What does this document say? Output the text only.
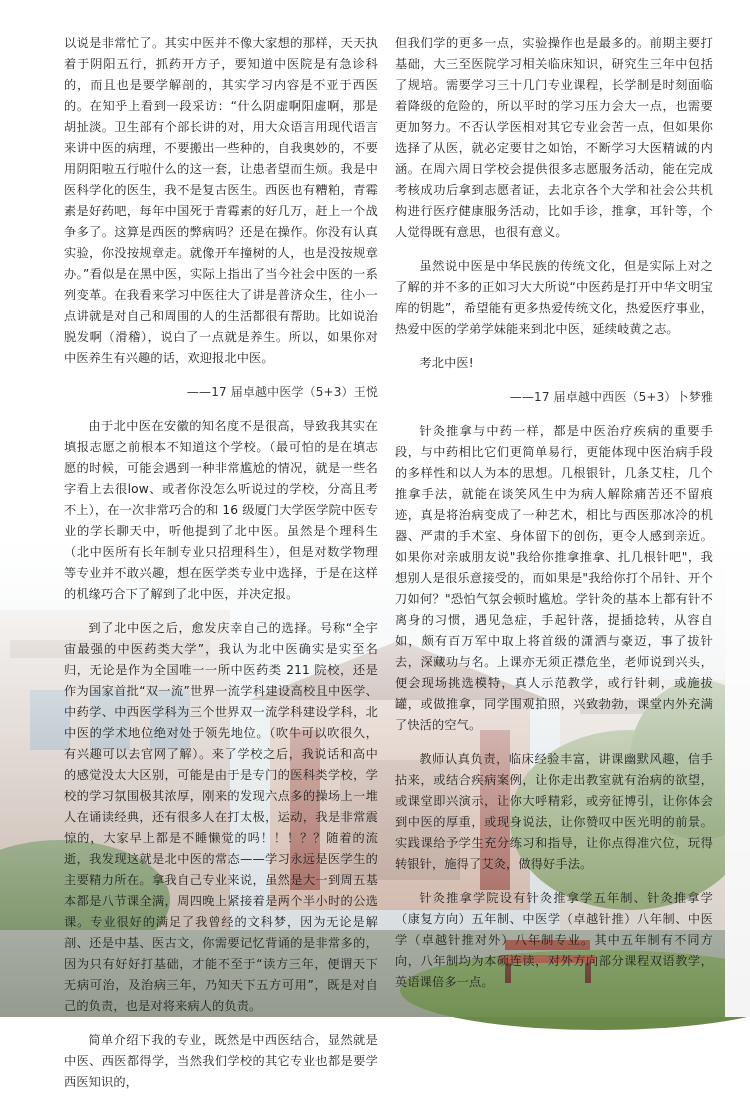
以说是非常忙了。其实中医并不像大家想的那样，天天执着于阴阳五行，抓药开方子，要知道中医院是有急诊科的，而且也是要学解剖的，其实学习内容是不亚于西医的。在知乎上看到一段采访：“什么阴虚啊阳虚啊，那是胡扯淡。卫生部有个部长讲的对，用大众语言用现代语言来讲中医的病理，不要搬出一些种的，自我奥妙的，不要用阴阳啦五行啦什么的这一套，让患者望而生烦。我是中医科学化的医生，我不是复古医生。西医也有糟粕，青霉素是好药吧，每年中国死于青霉素的好几万，赶上一个战争多了。这算是西医的弊病吗？还是在操作。你没有认真实验，你没按规章走。就像开车撞树的人，也是没按规章办。”看似是在黑中医，实际上指出了当今社会中医的一系列变革。在我看来学习中医往大了讲是普济众生，往小一点讲就是对自己和周围的人的生活都很有帮助。比如说治脱发啊（滑稽），说白了一点就是养生。所以，如果你对中医养生有兴趣的话，欢迎报北中医。

——17 届卓越中医学（5+3）王悦

由于北中医在安徽的知名度不是很高，导致我其实在填报志愿之前根本不知道这个学校。（最可怕的是在填志愿的时候，可能会遇到一种非常尴尬的情况，就是一些名字看上去很low、或者你没怎么听说过的学校，分高且考不上），在一次非常巧合的和 16 级厦门大学医学院中医专业的学长聊天中，听他提到了北中医。虽然是个理科生（北中医所有长年制专业只招理科生），但是对数学物理等专业并不敢兴趣，想在医学类专业中选择，于是在这样的机缘巧合下了解到了北中医，并决定报。

到了北中医之后，愈发庆幸自己的选择。号称“全宇宙最强的中医药类大学”，我认为北中医确实是实至名归，无论是作为全国唯一一所中医药类 211 院校，还是作为国家首批“双一流”世界一流学科建设高校且中医学、中药学、中西医学科为三个世界双一流学科建设学科，北中医的学术地位绝对处于领先地位。（吹牛可以吹很久，有兴趣可以去官网了解）。来了学校之后，我说话和高中的感觉没太大区别，可能是由于是专门的医科类学校，学校的学习氛围极其浓厚，刚来的发现六点多的操场上一堆人在诵读经典，还有很多人在打太极，运动，我是非常震惊的，大家早上都是不睡懒觉的吗！！！？？随着的流逝，我发现这就是北中医的常态——学习永远是医学生的主要精力所在。拿我自己专业来说，虽然是大一到周五基本都是八节课全满，周四晚上紧接着是两个半小时的公选课。专业很好的满足了我曾经的文科梦，因为无论是解剖、还是中基、医古文，你需要记忆背诵的是非常多的，因为只有好好打基础，才能不至于“读方三年，便谓天下无病可治，及治病三年，乃知天下五方可用”，既是对自己的负责，也是对将来病人的负责。

简单介绍下我的专业，既然是中西医结合，显然就是中医、西医都得学，当然我们学校的其它专业也都是要学西医知识的，

但我们学的更多一点，实验操作也是最多的。前期主要打基础，大三至医院学习相关临床知识，研究生三年中包括了规培。需要学习三十几门专业课程，长学制是时刻面临着降级的危险的，所以平时的学习压力会大一点，也需要更加努力。不否认学医相对其它专业会苦一点，但如果你选择了从医，就必定要甘之如饴，不断学习大医精诚的内涵。在周六周日学校会提供很多志愿服务活动，能在完成考核成功后拿到志愿者证，去北京各个大学和社会公共机构进行医疗健康服务活动，比如手诊，推拿，耳针等，个人觉得既有意思，也很有意义。

虽然说中医是中华民族的传统文化，但是实际上对之了解的并不多的正如习大大所说“中医药是打开中华文明宝库的钥匙”，希望能有更多热爱传统文化，热爱医疗事业，热爱中医的学弟学妹能来到北中医，延续岐黄之志。

考北中医!

——17 届卓越中西医（5+3）卜梦雅

针灸推拿与中药一样，都是中医治疗疾病的重要手段，与中药相比它们更简单易行，更能体现中医治病手段的多样性和以人为本的思想。几根银针，几条艾柱，几个推拿手法，就能在谈笑风生中为病人解除痛苦还不留痕迹，真是将治病变成了一种艺术，相比与西医那冰冷的机器、严肃的手术室、身体留下的创伤，更令人感到亲近。如果你对亲戚朋友说"我给你推拿推拿、扎几根针吧"，我想别人是很乐意接受的，而如果是"我给你打个吊针、开个刀如何？"恐怕气氛会顿时尴尬。学针灸的基本上都有针不离身的习惯，遇见急症，手起针落，提插捻转，从容自如，颇有百万军中取上将首级的潇洒与豪迈，事了拔针去，深藏功与名。上课亦无须正襟危坐，老师说到兴头，便会现场挑选模特，真人示范教学，或行针刺，或施拔罐，或做推拿，同学围观拍照，兴致勃勃，课堂内外充满了快活的空气。

教师认真负责，临床经验丰富，讲课幽默风趣，信手拈来，或结合疾病案例，让你走出教室就有治病的欲望，或课堂即兴演示，让你大呼精彩，或旁征博引，让你体会到中医的厚重，或现身说法，让你赞叹中医光明的前景。实践课给予学生充分练习和指导，让你点得准穴位，玩得转银针，施得了艾灸，做得好手法。

针灸推拿学院设有针灸推拿学五年制、针灸推拿学（康复方向）五年制、中医学（卓越针推）八年制、中医学（卓越针推对外）八年制专业。其中五年制有不同方向，八年制均为本硕连读，对外方向部分课程双语教学，英语课倍多一点。
